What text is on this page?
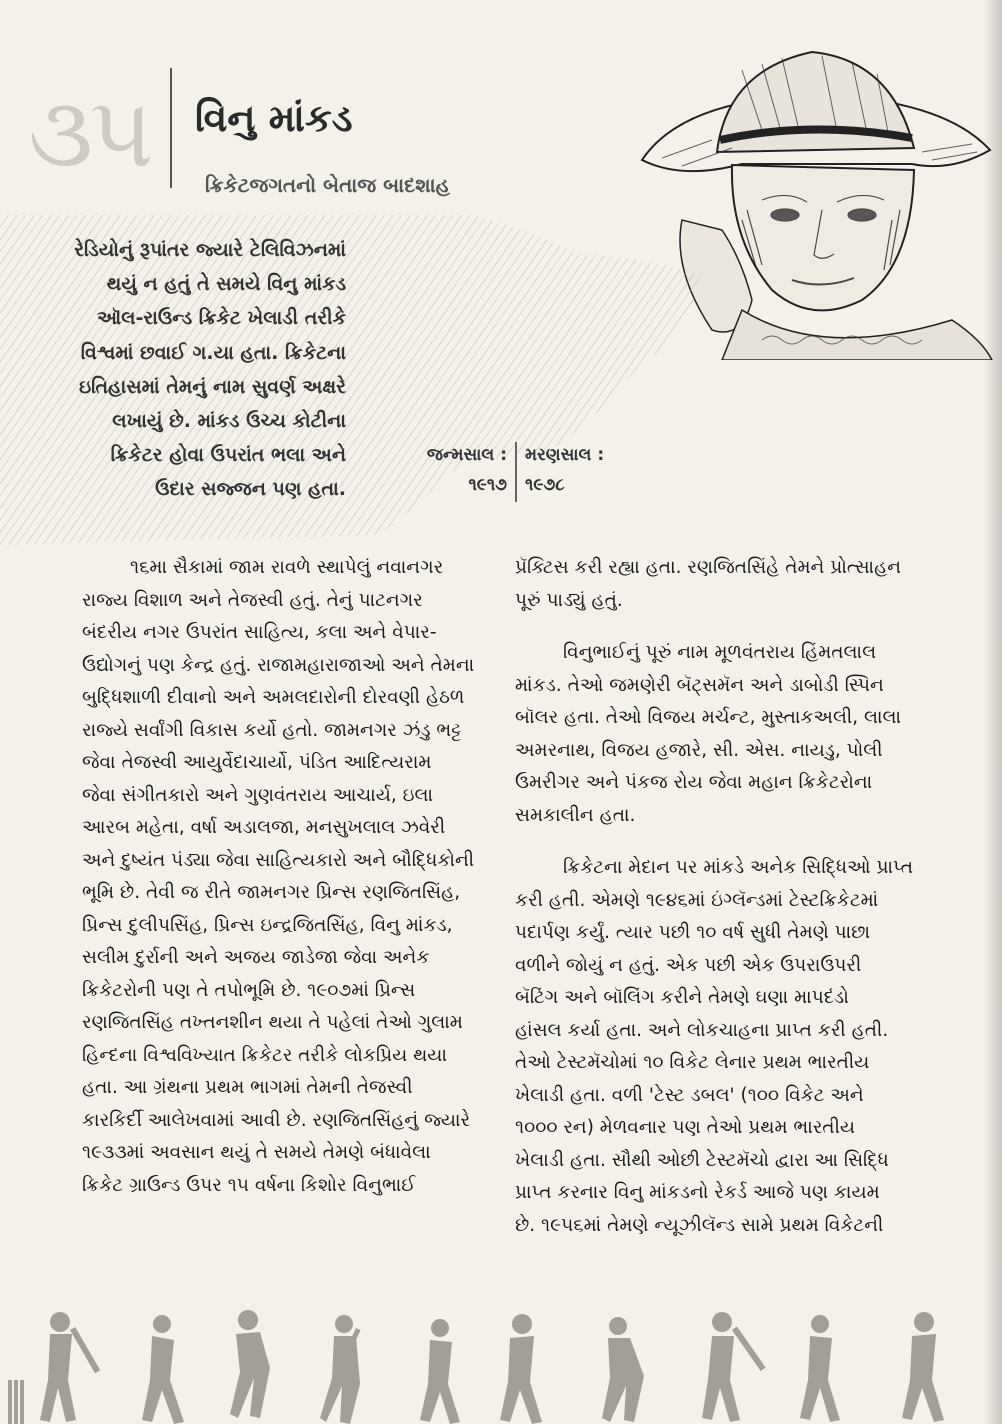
૩૫ વિનુ માંકડ
ક્રિકેટજગતનો બેતાજ બાદશાહ
રેડિયોનું રૂપાંતર જ્યારે ટેલિવિઝનમાં
થયું ન હતું તે સમયે વિનુ માંકડ
ઑલ-રાઉન્ડ ક્રિકેટ ખેલાડી તરીકે
વિશ્વમાં છવાઈ ગ.યા હતા. ક્રિકેટના
ઇતિહાસમાં તેમનું નામ સુવર્ણ અક્ષરે
લખાયું છે. માંકડ ઉચ્ચ કોટીના
ક્રિકેટર હોવા ઉપરાંત ભલા અને
ઉદાર સજ્જન પણ હતા.
જન્મસાલ :
૧૯૧૭
મરણસાલ :
૧૯૭૮
૧૬મા સૈકામાં જામ રાવળે સ્થાપેલું નવાનગર
રાજ્ય વિશાળ અને તેજસ્વી હતું. તેનું પાટનગર
બંદરીય નગર ઉપરાંત સાહિત્ય, કલા અને વેપાર-
ઉદ્યોગનું પણ કેન્દ્ર હતું. રાજામહારાજાઓ અને તેમના
બુદ્ધિશાળી દીવાનો અને અમલદારોની દોરવણી હેઠળ
રાજ્યે સર્વાંગી વિકાસ કર્યો હતો. જામનગર ઝંડુ ભટ્ટ
જેવા તેજસ્વી આયુર્વેદાચાર્યો, પંડિત આદિત્યરામ
જેવા સંગીતકારો અને ગુણવંતરાય આચાર્ય, ઇલા
આરબ મહેતા, વર્ષા અડાલજા, મનસુખલાલ ઝવેરી
અને દુષ્યંત પંડ્યા જેવા સાહિત્યકારો અને બૌદ્ધિકોની
ભૂમિ છે. તેવી જ રીતે જામનગર પ્રિન્સ રણજિતસિંહ,
પ્રિન્સ દુલીપસિંહ, પ્રિન્સ ઇન્દ્રજિતસિંહ, વિનુ માંકડ,
સલીમ દુર્રાની અને અજય જાડેજા જેવા અનેક
ક્રિકેટરોની પણ તે તપોભૂમિ છે. ૧૯૦૭માં પ્રિન્સ
રણજિતસિંહ તખ્તનશીન થયા તે પહેલાં તેઓ ગુલામ
હિન્દના વિશ્વવિખ્યાત ક્રિકેટર તરીકે લોકપ્રિય થયા
હતા. આ ગ્રંથના પ્રથમ ભાગમાં તેમની તેજસ્વી
કારકિર્દી આલેખવામાં આવી છે. રણજિતસિંહનું જ્યારે
૧૯૩૩માં અવસાન થયું તે સમયે તેમણે બંધાવેલા
ક્રિકેટ ગ્રાઉન્ડ ઉપર ૧૫ વર્ષના કિશોર વિનુભાઈ
પ્રૅક્ટિસ કરી રહ્યા હતા. રણજિતસિંહે તેમને પ્રોત્સાહન
પૂરું પાડ્યું હતું.
વિનુભાઈનું પૂરું નામ મૂળવંતરાય હિંમતલાલ
માંકડ. તેઓ જમણેરી બૅટ્સમૅન અને ડાબોડી સ્પિન
બૉલર હતા. તેઓ વિજય મર્ચન્ટ, મુસ્તાકઅલી, લાલા
અમરનાથ, વિજય હજારે, સી. એસ. નાયડુ, પોલી
ઉમરીગર અને પંકજ રોય જેવા મહાન ક્રિકેટરોના
સમકાલીન હતા.
ક્રિકેટના મેદાન પર માંકડે અનેક સિદ્ધિઓ પ્રાપ્ત
કરી હતી. એમણે ૧૯૪૬માં ઇંગ્લૅન્ડમાં ટેસ્ટક્રિકેટમાં
પદાર્પણ કર્યું. ત્યાર પછી ૧૦ વર્ષ સુધી તેમણે પાછા
વળીને જોયું ન હતું. એક પછી એક ઉપરાઉપરી
બૅટિંગ અને બૉલિંગ કરીને તેમણે ઘણા માપદંડો
હાંસલ કર્યા હતા. અને લોકચાહના પ્રાપ્ત કરી હતી.
તેઓ ટેસ્ટમૅચોમાં ૧૦ વિકેટ લેનાર પ્રથમ ભારતીય
ખેલાડી હતા. વળી 'ટેસ્ટ ડબલ' (૧૦૦ વિકેટ અને
૧૦૦૦ રન) મેળવનાર પણ તેઓ પ્રથમ ભારતીય
ખેલાડી હતા. સૌથી ઓછી ટેસ્ટમૅચો દ્વારા આ સિદ્ધિ
પ્રાપ્ત કરનાર વિનુ માંકડનો રેકર્ડ આજે પણ કાયમ
છે. ૧૯૫૬માં તેમણે ન્યૂઝીલૅન્ડ સામે પ્રથમ વિકેટની
